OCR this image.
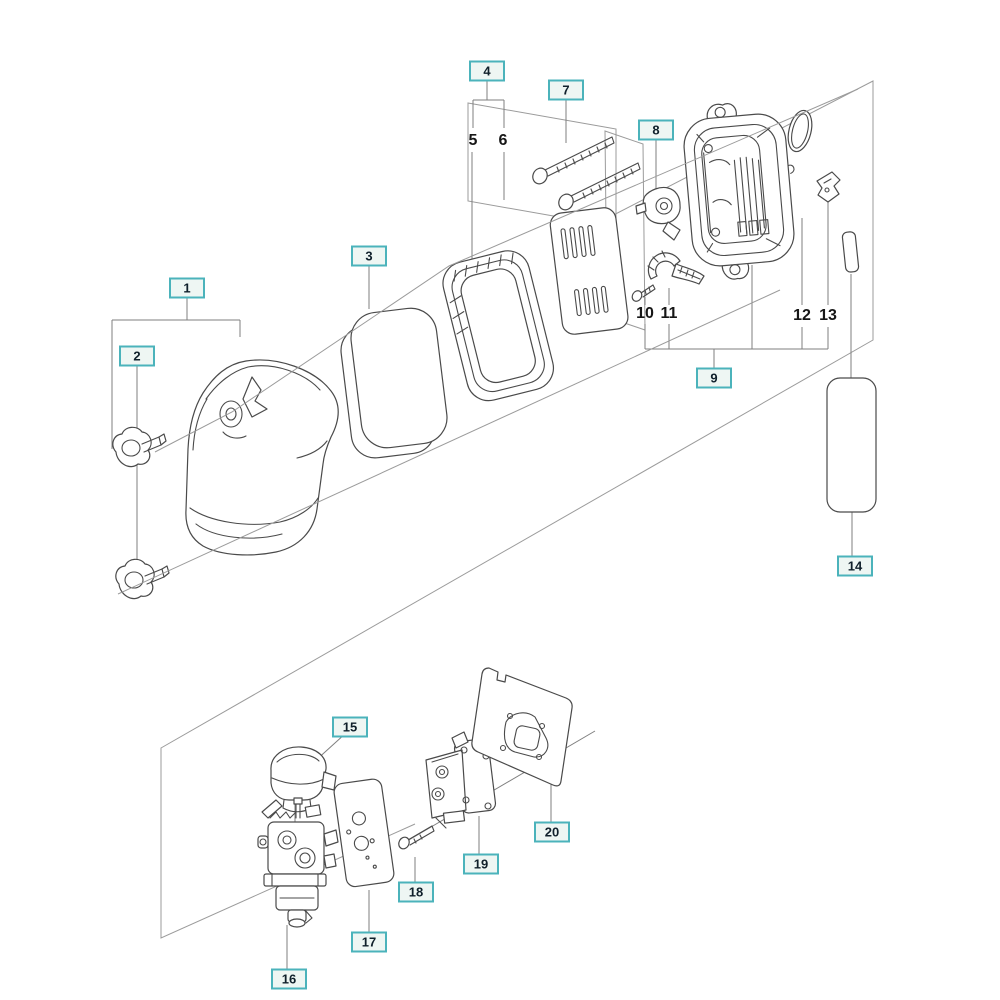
1
2
3
4
7
8
9
14
15
16
17
18
19
20
5 6
10 11	12 13
